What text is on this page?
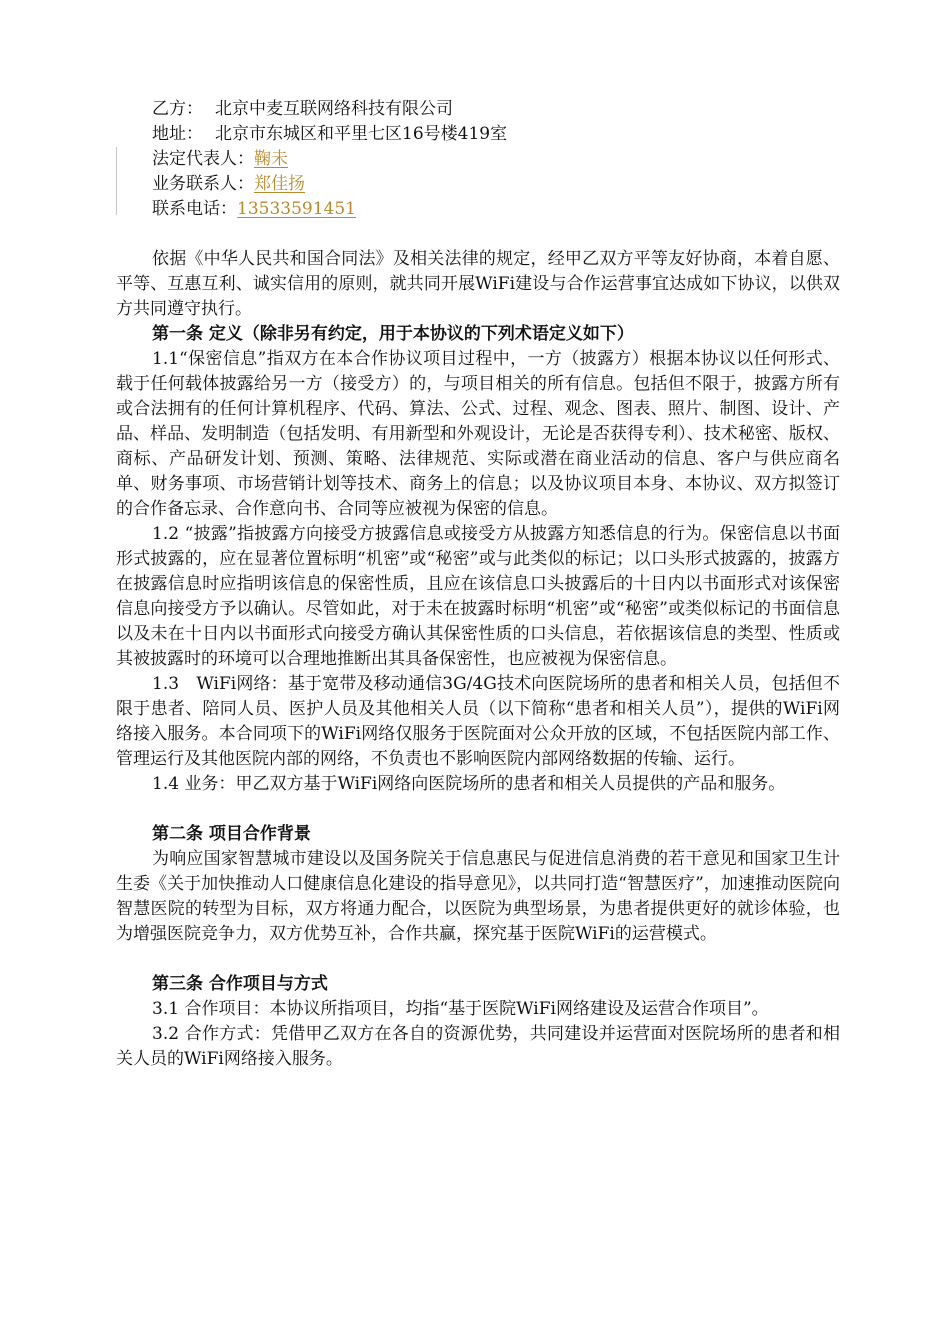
乙方： 北京中麦互联网络科技有限公司
地址： 北京市东城区和平里七区16号楼419室
法定代表人：鞠未
业务联系人：郑佳扬
联系电话：13533591451

依据《中华人民共和国合同法》及相关法律的规定，经甲乙双方平等友好协商，本着自愿、平等、互惠互利、诚实信用的原则，就共同开展WiFi建设与合作运营事宜达成如下协议，以供双方共同遵守执行。

第一条 定义（除非另有约定，用于本协议的下列术语定义如下）

1.1“保密信息”指双方在本合作协议项目过程中，一方（披露方）根据本协议以任何形式、载于任何载体披露给另一方（接受方）的，与项目相关的所有信息。包括但不限于，披露方所有或合法拥有的任何计算机程序、代码、算法、公式、过程、观念、图表、照片、制图、设计、产品、样品、发明制造（包括发明、有用新型和外观设计，无论是否获得专利）、技术秘密、版权、商标、产品研发计划、预测、策略、法律规范、实际或潜在商业活动的信息、客户与供应商名单、财务事项、市场营销计划等技术、商务上的信息；以及协议项目本身、本协议、双方拟签订的合作备忘录、合作意向书、合同等应被视为保密的信息。

1.2 “披露”指披露方向接受方披露信息或接受方从披露方知悉信息的行为。保密信息以书面形式披露的，应在显著位置标明“机密”或“秘密”或与此类似的标记；以口头形式披露的，披露方在披露信息时应指明该信息的保密性质，且应在该信息口头披露后的十日内以书面形式对该保密信息向接受方予以确认。尽管如此，对于未在披露时标明“机密”或“秘密”或类似标记的书面信息以及未在十日内以书面形式向接受方确认其保密性质的口头信息，若依据该信息的类型、性质或其被披露时的环境可以合理地推断出其具备保密性，也应被视为保密信息。

1.3　WiFi网络：基于宽带及移动通信3G/4G技术向医院场所的患者和相关人员，包括但不限于患者、陪同人员、医护人员及其他相关人员（以下简称“患者和相关人员”），提供的WiFi网络接入服务。本合同项下的WiFi网络仅服务于医院面对公众开放的区域，不包括医院内部工作、管理运行及其他医院内部的网络，不负责也不影响医院内部网络数据的传输、运行。

1.4 业务：甲乙双方基于WiFi网络向医院场所的患者和相关人员提供的产品和服务。

第二条 项目合作背景

为响应国家智慧城市建设以及国务院关于信息惠民与促进信息消费的若干意见和国家卫生计生委《关于加快推动人口健康信息化建设的指导意见》，以共同打造“智慧医疗”，加速推动医院向智慧医院的转型为目标，双方将通力配合，以医院为典型场景，为患者提供更好的就诊体验，也为增强医院竞争力，双方优势互补，合作共赢，探究基于医院WiFi的运营模式。

第三条 合作项目与方式

3.1 合作项目：本协议所指项目，均指“基于医院WiFi网络建设及运营合作项目”。

3.2 合作方式：凭借甲乙双方在各自的资源优势，共同建设并运营面对医院场所的患者和相关人员的WiFi网络接入服务。
